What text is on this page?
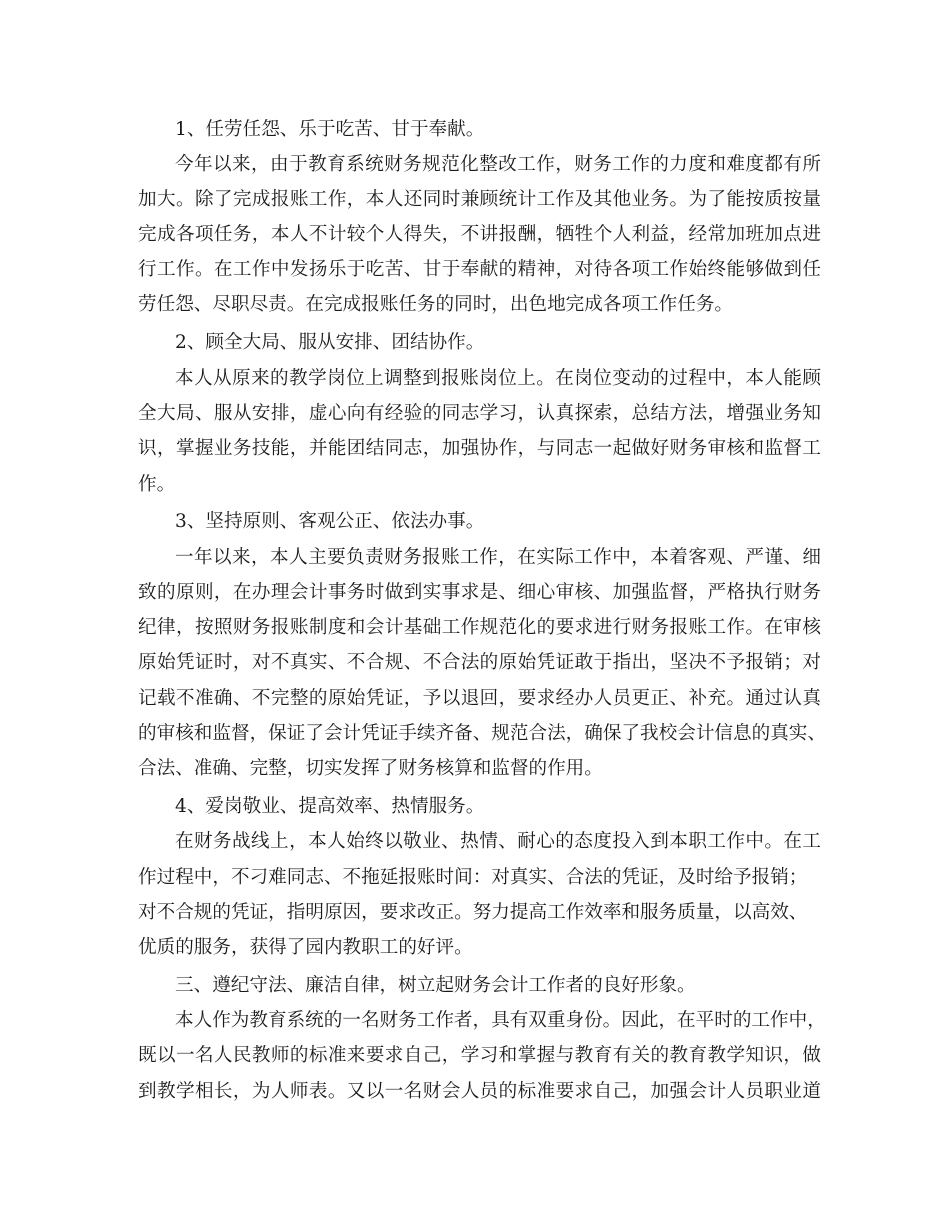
1、任劳任怨、乐于吃苦、甘于奉献。
今年以来，由于教育系统财务规范化整改工作，财务工作的力度和难度都有所
加大。除了完成报账工作，本人还同时兼顾统计工作及其他业务。为了能按质按量
完成各项任务，本人不计较个人得失，不讲报酬，牺牲个人利益，经常加班加点进
行工作。在工作中发扬乐于吃苦、甘于奉献的精神，对待各项工作始终能够做到任
劳任怨、尽职尽责。在完成报账任务的同时，出色地完成各项工作任务。
2、顾全大局、服从安排、团结协作。
本人从原来的教学岗位上调整到报账岗位上。在岗位变动的过程中，本人能顾
全大局、服从安排，虚心向有经验的同志学习，认真探索，总结方法，增强业务知
识，掌握业务技能，并能团结同志，加强协作，与同志一起做好财务审核和监督工
作。
3、坚持原则、客观公正、依法办事。
一年以来，本人主要负责财务报账工作，在实际工作中，本着客观、严谨、细
致的原则，在办理会计事务时做到实事求是、细心审核、加强监督，严格执行财务
纪律，按照财务报账制度和会计基础工作规范化的要求进行财务报账工作。在审核
原始凭证时，对不真实、不合规、不合法的原始凭证敢于指出，坚决不予报销；对
记载不准确、不完整的原始凭证，予以退回，要求经办人员更正、补充。通过认真
的审核和监督，保证了会计凭证手续齐备、规范合法，确保了我校会计信息的真实、
合法、准确、完整，切实发挥了财务核算和监督的作用。
4、爱岗敬业、提高效率、热情服务。
在财务战线上，本人始终以敬业、热情、耐心的态度投入到本职工作中。在工
作过程中，不刁难同志、不拖延报账时间：对真实、合法的凭证，及时给予报销；
对不合规的凭证，指明原因，要求改正。努力提高工作效率和服务质量，以高效、
优质的服务，获得了园内教职工的好评。
三、遵纪守法、廉洁自律，树立起财务会计工作者的良好形象。
本人作为教育系统的一名财务工作者，具有双重身份。因此，在平时的工作中，
既以一名人民教师的标准来要求自己，学习和掌握与教育有关的教育教学知识，做
到教学相长，为人师表。又以一名财会人员的标准要求自己，加强会计人员职业道
